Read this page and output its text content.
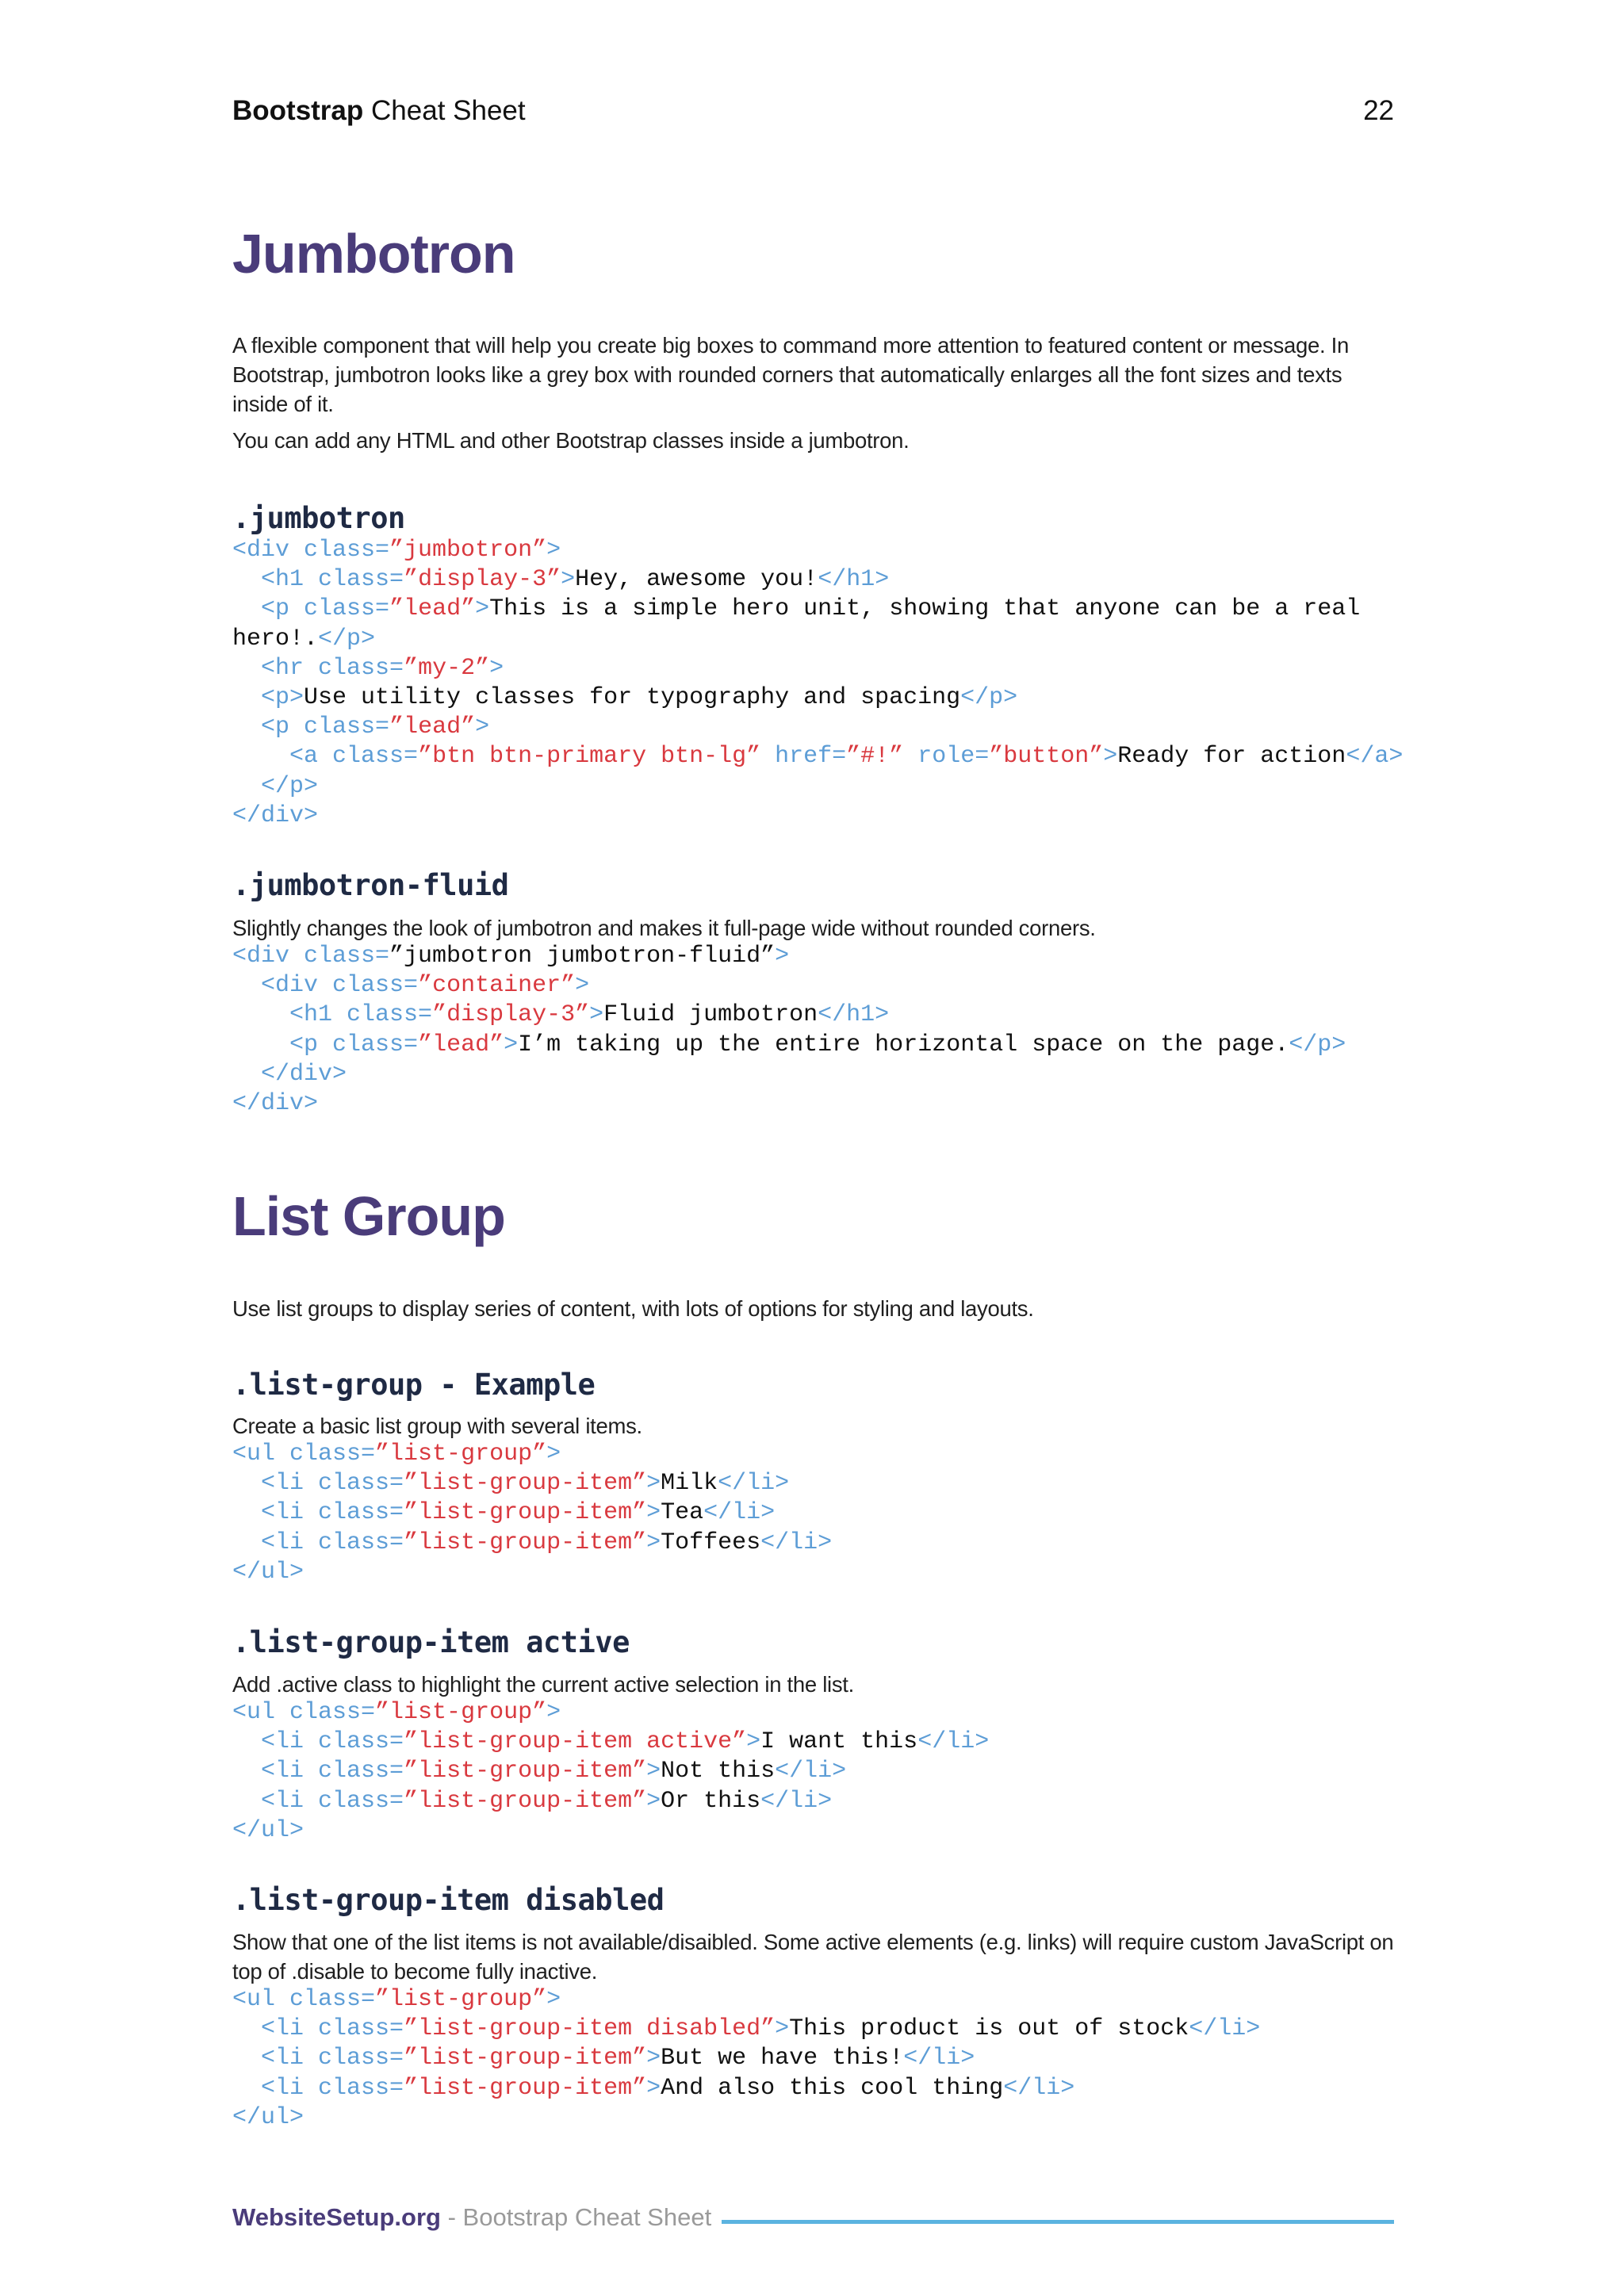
Bootstrap Cheat Sheet	22
Jumbotron
A flexible component that will help you create big boxes to command more attention to featured content or message. In Bootstrap, jumbotron looks like a grey box with rounded corners that automatically enlarges all the font sizes and texts inside of it.
You can add any HTML and other Bootstrap classes inside a jumbotron.
.jumbotron
<div class=”jumbotron”>
<h1 class=”display-3”>Hey, awesome you!</h1>
<p class=”lead”>This is a simple hero unit, showing that anyone can be a real
hero!.</p>
<hr class=”my-2”>
<p>Use utility classes for typography and spacing</p>
<p class=”lead”>
<a class=”btn btn-primary btn-lg” href=”#!” role=”button”>Ready for action</a>
</p>
</div>
.jumbotron-fluid
Slightly changes the look of jumbotron and makes it full-page wide without rounded corners.
<div class=”jumbotron jumbotron-fluid”>
<div class=”container”>
<h1 class=”display-3”>Fluid jumbotron</h1>
<p class=”lead”>I’m taking up the entire horizontal space on the page.</p>
</div>
</div>
List Group
Use list groups to display series of content, with lots of options for styling and layouts.
.list-group - Example
Create a basic list group with several items.
<ul class=”list-group”>
<li class=”list-group-item”>Milk</li>
<li class=”list-group-item”>Tea</li>
<li class=”list-group-item”>Toffees</li>
</ul>
.list-group-item active
Add .active class to highlight the current active selection in the list.
<ul class=”list-group”>
<li class=”list-group-item active”>I want this</li>
<li class=”list-group-item”>Not this</li>
<li class=”list-group-item”>Or this</li>
</ul>
.list-group-item disabled
Show that one of the list items is not available/disaibled. Some active elements (e.g. links) will require custom JavaScript on top of .disable to become fully inactive.
<ul class=”list-group”>
<li class=”list-group-item disabled”>This product is out of stock</li>
<li class=”list-group-item”>But we have this!</li>
<li class=”list-group-item”>And also this cool thing</li>
</ul>
WebsiteSetup.org - Bootstrap Cheat Sheet
